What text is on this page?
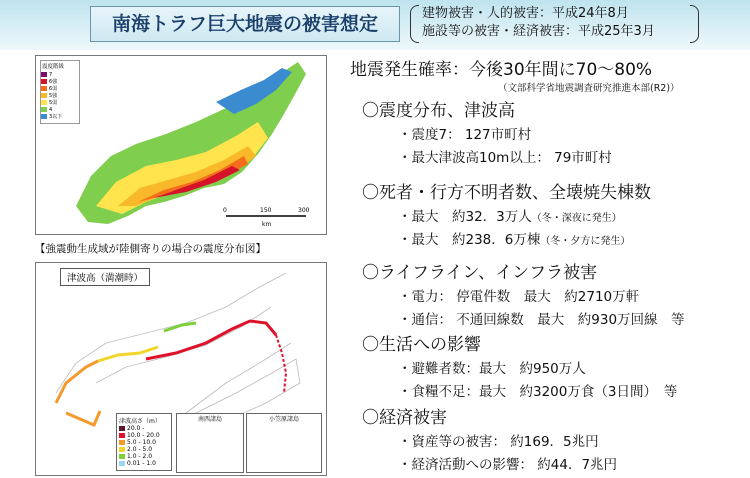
南海トラフ巨大地震の被害想定	建物被害・人的被害：平成24年8月
施設等の被害・経済被害：平成25年3月
0	150	300
km
震度階級
7
6強
6弱
5強
5弱
4
3以下
【強震動生成域が陸側寄りの場合の震度分布図】
津波高（満潮時）
津波高さ（m）
20.0 -
10.0 - 20.0
5.0 - 10.0
2.0 - 5.0
1.0 - 2.0
0.01 - 1.0
南西諸島	小笠原諸島
地震発生確率：今後30年間に70～80%
（文部科学省地震調査研究推進本部(R2)）
〇震度分布、津波高
・震度7： 127市町村
・最大津波高10m以上： 79市町村
〇死者・行方不明者数、全壊焼失棟数
・最大　約32．3万人（冬・深夜に発生）
・最大　約238．6万棟（冬・夕方に発生）
〇ライフライン、インフラ被害
・電力： 停電件数　最大　約2710万軒
・通信： 不通回線数　最大　約930万回線　等
〇生活への影響
・避難者数：最大　約950万人
・食糧不足：最大　約3200万食（3日間）　等
〇経済被害
・資産等の被害： 約169．5兆円
・経済活動への影響： 約44．7兆円
